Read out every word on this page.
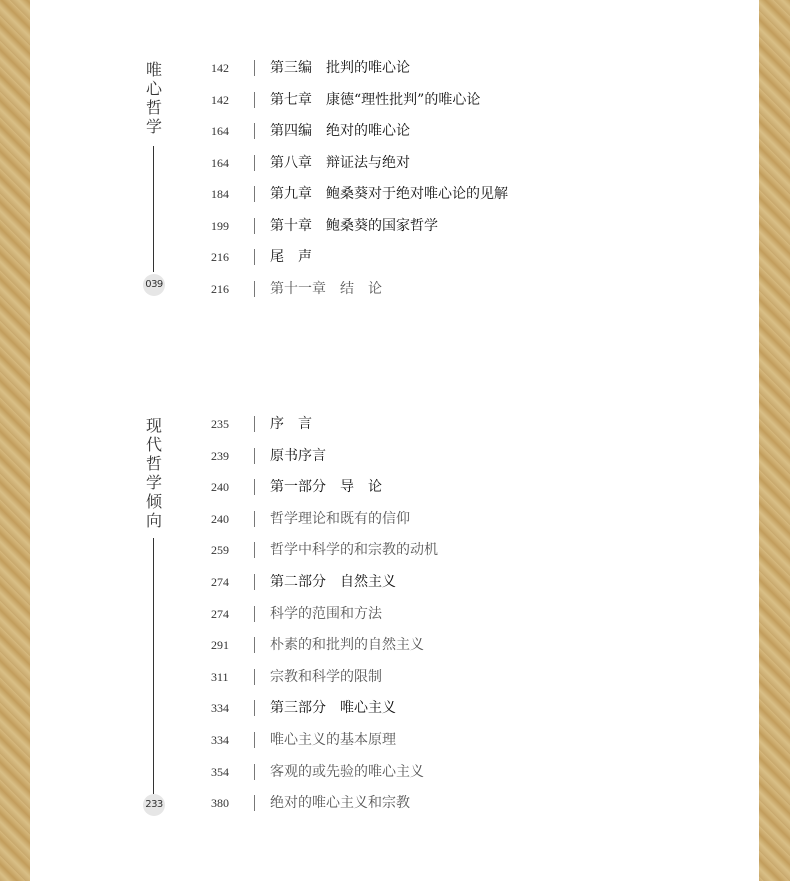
唯
心
哲
学
039
142	第三编　批判的唯心论
142	第七章　康德“理性批判”的唯心论
164	第四编　绝对的唯心论
164	第八章　辩证法与绝对
184	第九章　鲍桑葵对于绝对唯心论的见解
199	第十章　鲍桑葵的国家哲学
216	尾　声
216	第十一章　结　论
现
代
哲
学
倾
向
233
235	序　言
239	原书序言
240	第一部分　导　论
240	哲学理论和既有的信仰
259	哲学中科学的和宗教的动机
274	第二部分　自然主义
274	科学的范围和方法
291	朴素的和批判的自然主义
311	宗教和科学的限制
334	第三部分　唯心主义
334	唯心主义的基本原理
354	客观的或先验的唯心主义
380	绝对的唯心主义和宗教
